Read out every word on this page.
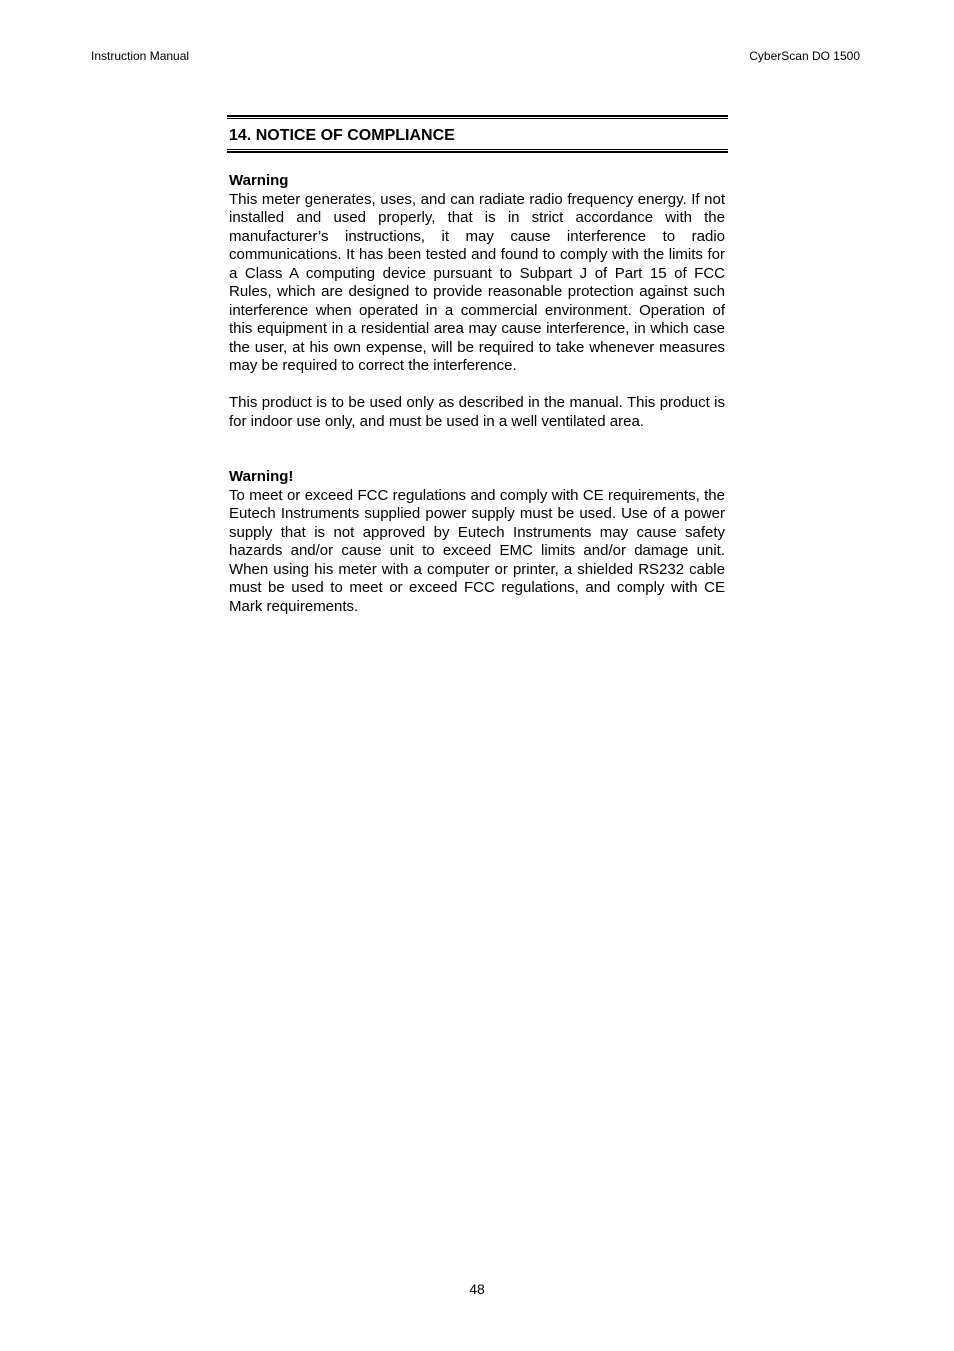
Instruction Manual	CyberScan DO 1500
14. NOTICE OF COMPLIANCE
Warning

This meter generates, uses, and can radiate radio frequency energy. If not installed and used properly, that is in strict accordance with the manufacturer’s instructions, it may cause interference to radio communications. It has been tested and found to comply with the limits for a Class A computing device pursuant to Subpart J of Part 15 of FCC Rules, which are designed to provide reasonable protection against such interference when operated in a commercial environment. Operation of this equipment in a residential area may cause interference, in which case the user, at his own expense, will be required to take whenever measures may be required to correct the interference.

This product is to be used only as described in the manual. This product is for indoor use only, and must be used in a well ventilated area.

Warning!

To meet or exceed FCC regulations and comply with CE requirements, the Eutech Instruments supplied power supply must be used. Use of a power supply that is not approved by Eutech Instruments may cause safety hazards and/or cause unit to exceed EMC limits and/or damage unit. When using his meter with a computer or printer, a shielded RS232 cable must be used to meet or exceed FCC regulations, and comply with CE Mark requirements.

48
